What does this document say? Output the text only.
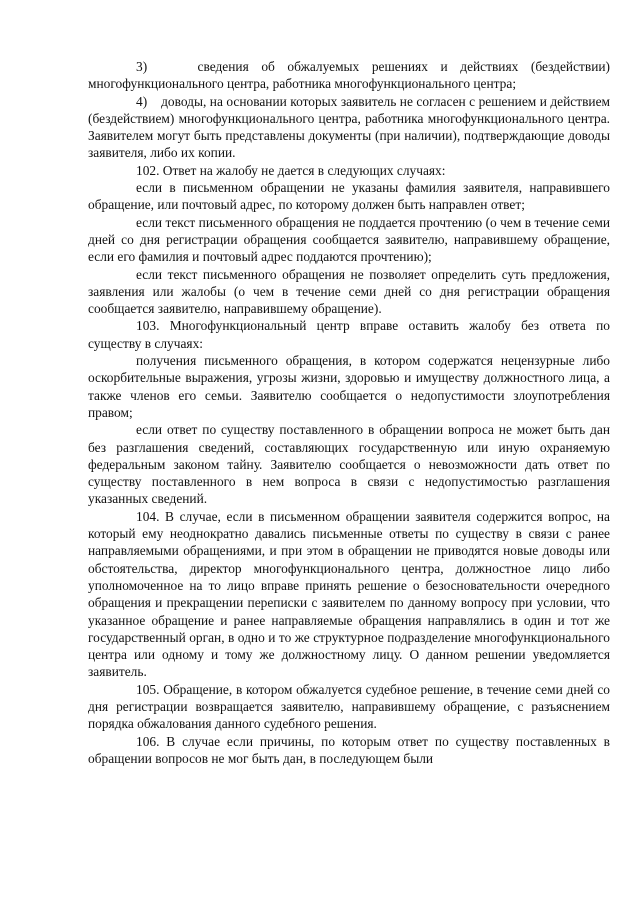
3)    сведения об обжалуемых решениях и действиях (бездействии) многофункционального центра, работника многофункционального центра;

4)    доводы, на основании которых заявитель не согласен с решением и действием (бездействием) многофункционального центра, работника многофункционального центра. Заявителем могут быть представлены документы (при наличии), подтверждающие доводы заявителя, либо их копии.

102. Ответ на жалобу не дается в следующих случаях:

если в письменном обращении не указаны фамилия заявителя, направившего обращение, или почтовый адрес, по которому должен быть направлен ответ;

если текст письменного обращения не поддается прочтению (о чем в течение семи дней со дня регистрации обращения сообщается заявителю, направившему обращение, если его фамилия и почтовый адрес поддаются прочтению);

если текст письменного обращения не позволяет определить суть предложения, заявления или жалобы (о чем в течение семи дней со дня регистрации обращения сообщается заявителю, направившему обращение).

103. Многофункциональный центр вправе оставить жалобу без ответа по существу в случаях:

получения письменного обращения, в котором содержатся нецензурные либо оскорбительные выражения, угрозы жизни, здоровью и имуществу должностного лица, а также членов его семьи. Заявителю сообщается о недопустимости злоупотребления правом;

если ответ по существу поставленного в обращении вопроса не может быть дан без разглашения сведений, составляющих государственную или иную охраняемую федеральным законом тайну. Заявителю сообщается о невозможности дать ответ по существу поставленного в нем вопроса в связи с недопустимостью разглашения указанных сведений.

104. В случае, если в письменном обращении заявителя содержится вопрос, на который ему неоднократно давались письменные ответы по существу в связи с ранее направляемыми обращениями, и при этом в обращении не приводятся новые доводы или обстоятельства, директор многофункционального центра, должностное лицо либо уполномоченное на то лицо вправе принять решение о безосновательности очередного обращения и прекращении переписки с заявителем по данному вопросу при условии, что указанное обращение и ранее направляемые обращения направлялись в один и тот же государственный орган, в одно и то же структурное подразделение многофункционального центра или одному и тому же должностному лицу. О данном решении уведомляется заявитель.

105. Обращение, в котором обжалуется судебное решение, в течение семи дней со дня регистрации возвращается заявителю, направившему обращение, с разъяснением порядка обжалования данного судебного решения.

106. В случае если причины, по которым ответ по существу поставленных в обращении вопросов не мог быть дан, в последующем были
